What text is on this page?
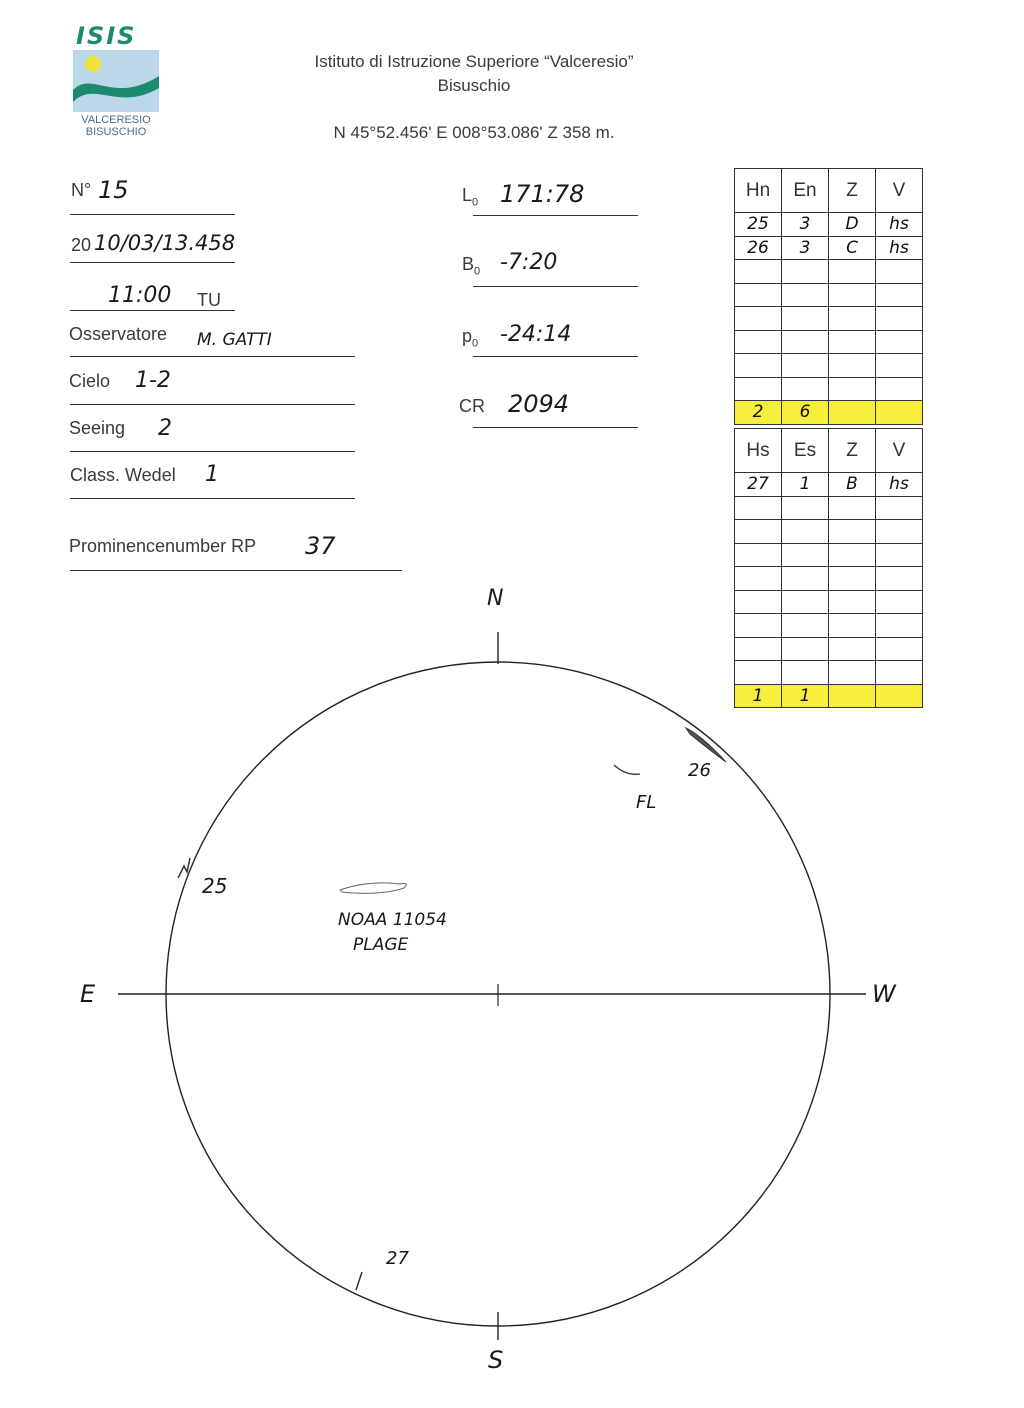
ISIS
VALCERESIO
BISUSCHIO
Istituto di Istruzione Superiore “Valceresio”
Bisuschio
N 45°52.456' E 008°53.086' Z 358 m.
N° 15
20 10/03/13.458
11:00 TU
Osservatore M. GATTI
Cielo 1-2
Seeing 2
Class. Wedel 1
Prominencenumber RP 37
$L_0$ 171:78
$B_0$ -7:20
$p_0$ -24:14
CR 2094
Hn	En	Z	V
25	3	D	hs
26	3	C	hs

2	6		
Hs	Es	Z	V
27	1	B	hs

1	1		
N
S
E	W
25
26
27
FL
NOAA 11054
PLAGE
